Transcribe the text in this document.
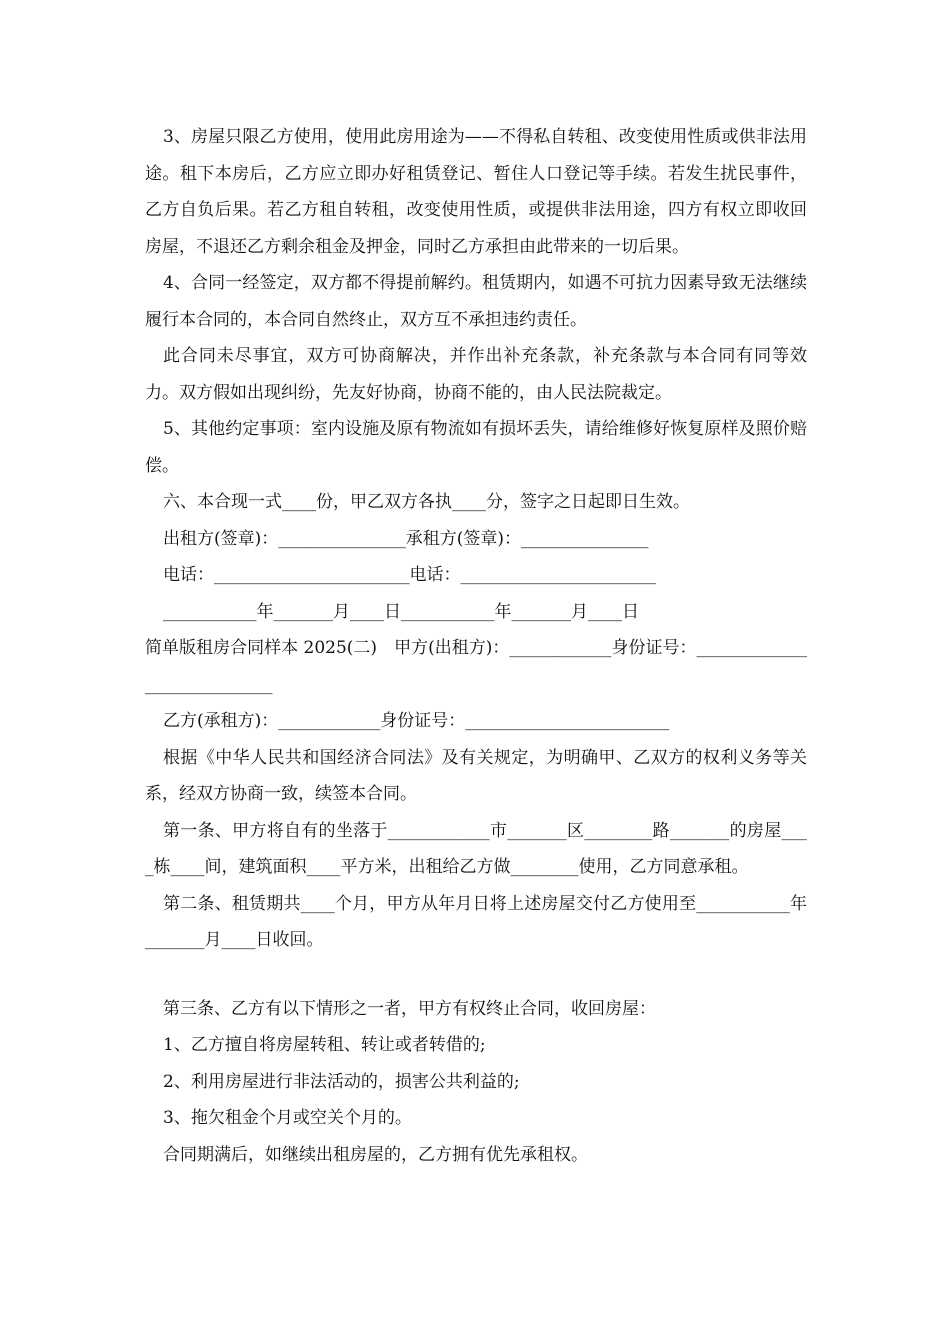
3、房屋只限乙方使用，使用此房用途为——不得私自转租、改变使用性质或供非法用途。租下本房后，乙方应立即办好租赁登记、暂住人口登记等手续。若发生扰民事件，乙方自负后果。若乙方租自转租，改变使用性质，或提供非法用途，四方有权立即收回房屋，不退还乙方剩余租金及押金，同时乙方承担由此带来的一切后果。

4、合同一经签定，双方都不得提前解约。租赁期内，如遇不可抗力因素导致无法继续履行本合同的，本合同自然终止，双方互不承担违约责任。

此合同未尽事宜，双方可协商解决，并作出补充条款，补充条款与本合同有同等效力。双方假如出现纠纷，先友好协商，协商不能的，由人民法院裁定。

5、其他约定事项：室内设施及原有物流如有损坏丢失，请给维修好恢复原样及照价赔偿。

六、本合现一式____份，甲乙双方各执____分，签字之日起即日生效。

出租方(签章)：_______________承租方(签章)：_______________

电话：_______________________电话：_______________________

___________年_______月____日___________年_______月____日

简单版租房合同样本 2025(二)　甲方(出租方)：____________身份证号：____________________________

乙方(承租方)：____________身份证号：________________________

根据《中华人民共和国经济合同法》及有关规定，为明确甲、乙双方的权利义务等关系，经双方协商一致，续签本合同。

第一条、甲方将自有的坐落于____________市_______区________路_______的房屋____栋____间，建筑面积____平方米，出租给乙方做________使用，乙方同意承租。

第二条、租赁期共____个月，甲方从年月日将上述房屋交付乙方使用至___________年_______月____日收回。

第三条、乙方有以下情形之一者，甲方有权终止合同，收回房屋：

1、乙方擅自将房屋转租、转让或者转借的;

2、利用房屋进行非法活动的，损害公共利益的;

3、拖欠租金个月或空关个月的。

合同期满后，如继续出租房屋的，乙方拥有优先承租权。
